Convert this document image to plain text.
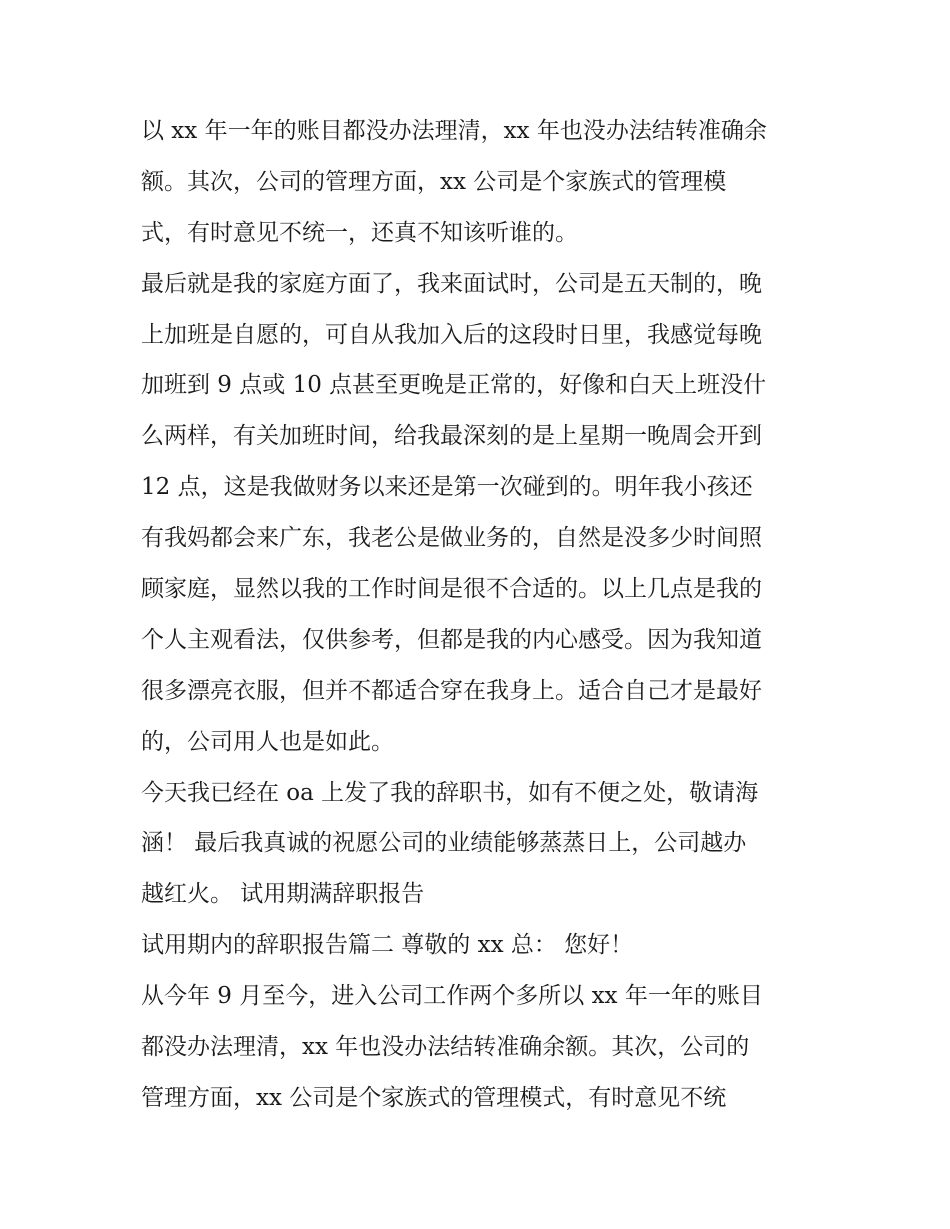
以 xx 年一年的账目都没办法理清，xx 年也没办法结转准确余
额。其次，公司的管理方面，xx 公司是个家族式的管理模
式，有时意见不统一，还真不知该听谁的。
最后就是我的家庭方面了，我来面试时，公司是五天制的，晚
上加班是自愿的，可自从我加入后的这段时日里，我感觉每晚
加班到 9 点或 10 点甚至更晚是正常的，好像和白天上班没什
么两样，有关加班时间，给我最深刻的是上星期一晚周会开到
12 点，这是我做财务以来还是第一次碰到的。明年我小孩还
有我妈都会来广东，我老公是做业务的，自然是没多少时间照
顾家庭，显然以我的工作时间是很不合适的。以上几点是我的
个人主观看法，仅供参考，但都是我的内心感受。因为我知道
很多漂亮衣服，但并不都适合穿在我身上。适合自己才是最好
的，公司用人也是如此。
今天我已经在 oa 上发了我的辞职书，如有不便之处，敬请海
涵！ 最后我真诚的祝愿公司的业绩能够蒸蒸日上，公司越办
越红火。 试用期满辞职报告
试用期内的辞职报告篇二 尊敬的 xx 总： 您好！
从今年 9 月至今，进入公司工作两个多所以 xx 年一年的账目
都没办法理清，xx 年也没办法结转准确余额。其次，公司的
管理方面，xx 公司是个家族式的管理模式，有时意见不统
